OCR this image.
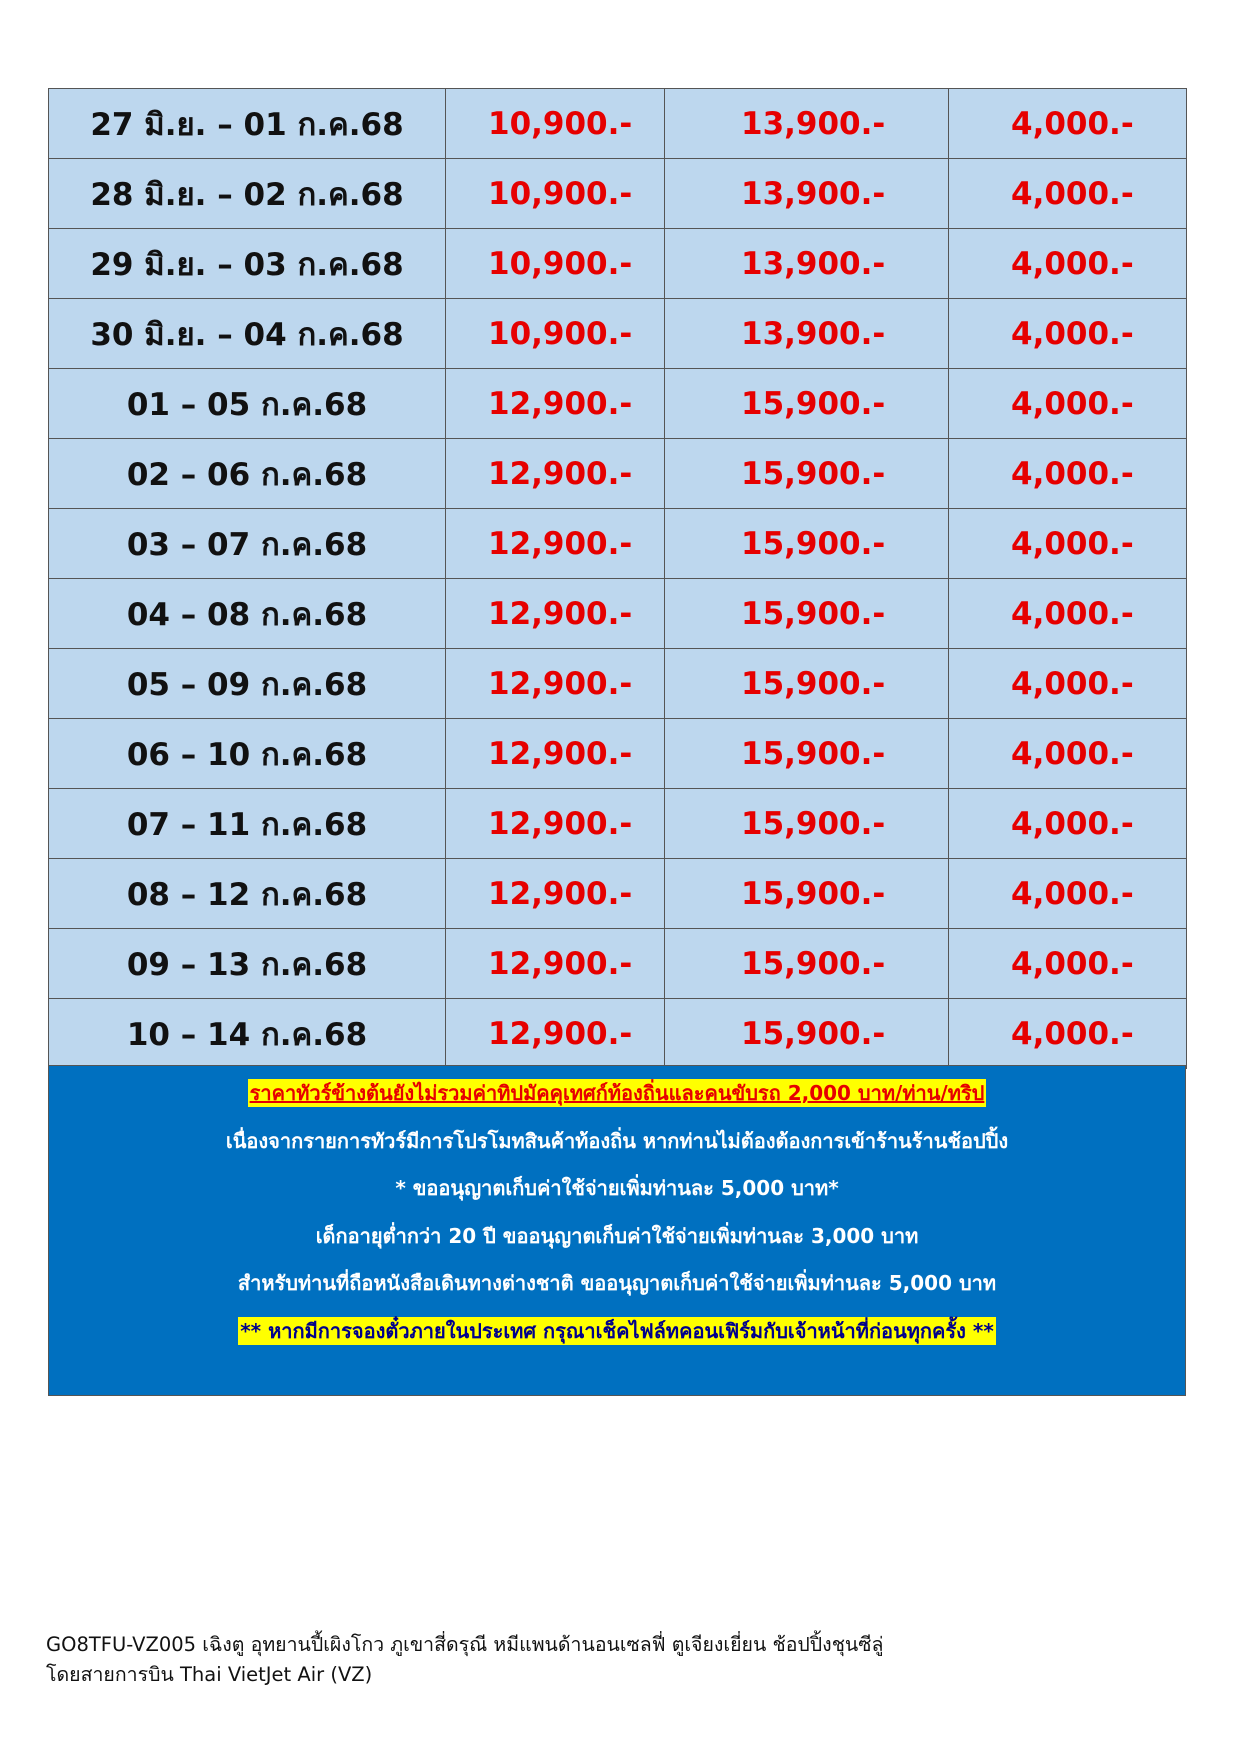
27 มิ.ย. – 01 ก.ค.68	10,900.-	13,900.-	4,000.-
28 มิ.ย. – 02 ก.ค.68	10,900.-	13,900.-	4,000.-
29 มิ.ย. – 03 ก.ค.68	10,900.-	13,900.-	4,000.-
30 มิ.ย. – 04 ก.ค.68	10,900.-	13,900.-	4,000.-
01 – 05 ก.ค.68	12,900.-	15,900.-	4,000.-
02 – 06 ก.ค.68	12,900.-	15,900.-	4,000.-
03 – 07 ก.ค.68	12,900.-	15,900.-	4,000.-
04 – 08 ก.ค.68	12,900.-	15,900.-	4,000.-
05 – 09 ก.ค.68	12,900.-	15,900.-	4,000.-
06 – 10 ก.ค.68	12,900.-	15,900.-	4,000.-
07 – 11 ก.ค.68	12,900.-	15,900.-	4,000.-
08 – 12 ก.ค.68	12,900.-	15,900.-	4,000.-
09 – 13 ก.ค.68	12,900.-	15,900.-	4,000.-
10 – 14 ก.ค.68	12,900.-	15,900.-	4,000.-
ราคาทัวร์ข้างต้นยังไม่รวมค่าทิปมัคคุเทศก์ท้องถิ่นและคนขับรถ 2,000 บาท/ท่าน/ทริป
เนื่องจากรายการทัวร์มีการโปรโมทสินค้าท้องถิ่น หากท่านไม่ต้องต้องการเข้าร้านร้านช้อปปิ้ง
* ขออนุญาตเก็บค่าใช้จ่ายเพิ่มท่านละ 5,000 บาท*
เด็กอายุต่ำกว่า 20 ปี ขออนุญาตเก็บค่าใช้จ่ายเพิ่มท่านละ 3,000 บาท
สำหรับท่านที่ถือหนังสือเดินทางต่างชาติ ขออนุญาตเก็บค่าใช้จ่ายเพิ่มท่านละ 5,000 บาท
** หากมีการจองตั๋วภายในประเทศ กรุณาเช็คไฟล์ทคอนเฟิร์มกับเจ้าหน้าที่ก่อนทุกครั้ง **
GO8TFU-VZ005 เฉิงตู อุทยานปี้เผิงโกว ภูเขาสี่ดรุณี หมีแพนด้านอนเซลฟี่ ตูเจียงเยี่ยน ช้อปปิ้งชุนซีลู่
โดยสายการบิน Thai VietJet Air (VZ)
